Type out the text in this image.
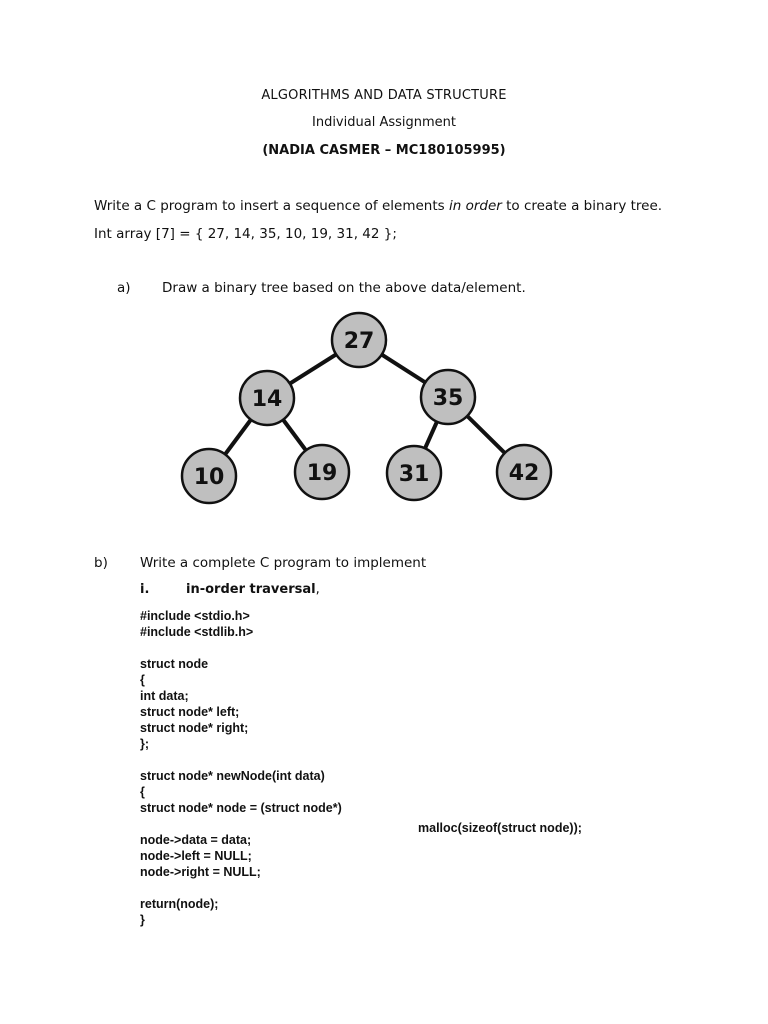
ALGORITHMS AND DATA STRUCTURE
Individual Assignment
(NADIA CASMER – MC180105995)
Write a C program to insert a sequence of elements in order to create a binary tree.
Int array [7] = { 27, 14, 35, 10, 19, 31, 42 };
a) Draw a binary tree based on the above data/element.
27
14	35
10	19	31	42
b) Write a complete C program to implement
i.	in-order traversal,
#include <stdio.h>
#include <stdlib.h>

struct node
{
int data;
struct node* left;
struct node* right;
};

struct node* newNode(int data)
{
struct node* node = (struct node*)

node->data = data;
node->left = NULL;
node->right = NULL;

return(node);
}
malloc(sizeof(struct node));
